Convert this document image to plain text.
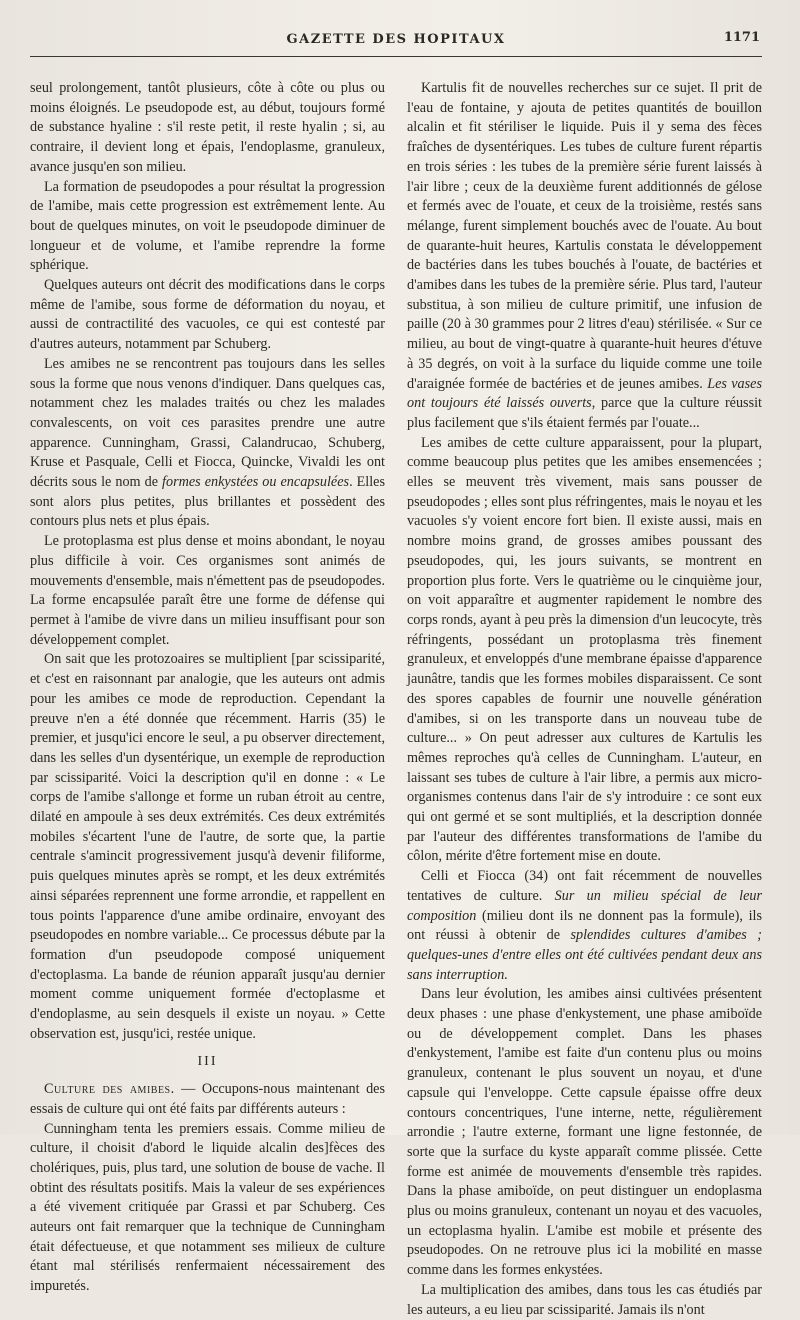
GAZETTE DES HOPITAUX	1171

seul prolongement, tantôt plusieurs, côte à côte ou plus ou moins éloignés. Le pseudopode est, au début, toujours formé de substance hyaline : s'il reste petit, il reste hyalin ; si, au contraire, il devient long et épais, l'endoplasme, granuleux, avance jusqu'en son milieu.

La formation de pseudopodes a pour résultat la progression de l'amibe, mais cette progression est extrêmement lente. Au bout de quelques minutes, on voit le pseudopode diminuer de longueur et de volume, et l'amibe reprendre la forme sphérique.

Quelques auteurs ont décrit des modifications dans le corps même de l'amibe, sous forme de déformation du noyau, et aussi de contractilité des vacuoles, ce qui est contesté par d'autres auteurs, notamment par Schuberg.

Les amibes ne se rencontrent pas toujours dans les selles sous la forme que nous venons d'indiquer. Dans quelques cas, notamment chez les malades traités ou chez les malades convalescents, on voit ces parasites prendre une autre apparence. Cunningham, Grassi, Calandrucao, Schuberg, Kruse et Pasquale, Celli et Fiocca, Quincke, Vivaldi les ont décrits sous le nom de formes enkystées ou encapsulées. Elles sont alors plus petites, plus brillantes et possèdent des contours plus nets et plus épais.

Le protoplasma est plus dense et moins abondant, le noyau plus difficile à voir. Ces organismes sont animés de mouvements d'ensemble, mais n'émettent pas de pseudopodes. La forme encapsulée paraît être une forme de défense qui permet à l'amibe de vivre dans un milieu insuffisant pour son développement complet.

On sait que les protozoaires se multiplient [par scissiparité, et c'est en raisonnant par analogie, que les auteurs ont admis pour les amibes ce mode de reproduction. Cependant la preuve n'en a été donnée que récemment. Harris (35) le premier, et jusqu'ici encore le seul, a pu observer directement, dans les selles d'un dysentérique, un exemple de reproduction par scissiparité. Voici la description qu'il en donne : « Le corps de l'amibe s'allonge et forme un ruban étroit au centre, dilaté en ampoule à ses deux extrémités. Ces deux extrémités mobiles s'écartent l'une de l'autre, de sorte que, la partie centrale s'amincit progressivement jusqu'à devenir filiforme, puis quelques minutes après se rompt, et les deux extrémités ainsi séparées reprennent une forme arrondie, et rappellent en tous points l'apparence d'une amibe ordinaire, envoyant des pseudopodes en nombre variable... Ce processus débute par la formation d'un pseudopode composé uniquement d'ectoplasma. La bande de réunion apparaît jusqu'au dernier moment comme uniquement formée d'ectoplasme et d'endoplasme, au sein desquels il existe un noyau. » Cette observation est, jusqu'ici, restée unique.

III

Culture des amibes. — Occupons-nous maintenant des essais de culture qui ont été faits par différents auteurs :

Cunningham tenta les premiers essais. Comme milieu de culture, il choisit d'abord le liquide alcalin des]fèces des cholériques, puis, plus tard, une solution de bouse de vache. Il obtint des résultats positifs. Mais la valeur de ses expériences a été vivement critiquée par Grassi et par Schuberg. Ces auteurs ont fait remarquer que la technique de Cunningham était défectueuse, et que notamment ses milieux de culture étant mal stérilisés renfermaient nécessairement des impuretés.

Kartulis fit de nouvelles recherches sur ce sujet. Il prit de l'eau de fontaine, y ajouta de petites quantités de bouillon alcalin et fit stériliser le liquide. Puis il y sema des fèces fraîches de dysentériques. Les tubes de culture furent répartis en trois séries : les tubes de la première série furent laissés à l'air libre ; ceux de la deuxième furent additionnés de gélose et fermés avec de l'ouate, et ceux de la troisième, restés sans mélange, furent simplement bouchés avec de l'ouate. Au bout de quarante-huit heures, Kartulis constata le développement de bactéries dans les tubes bouchés à l'ouate, de bactéries et d'amibes dans les tubes de la première série. Plus tard, l'auteur substitua, à son milieu de culture primitif, une infusion de paille (20 à 30 grammes pour 2 litres d'eau) stérilisée. « Sur ce milieu, au bout de vingt-quatre à quarante-huit heures d'étuve à 35 degrés, on voit à la surface du liquide comme une toile d'araignée formée de bactéries et de jeunes amibes. Les vases ont toujours été laissés ouverts, parce que la culture réussit plus facilement que s'ils étaient fermés par l'ouate...

Les amibes de cette culture apparaissent, pour la plupart, comme beaucoup plus petites que les amibes ensemencées ; elles se meuvent très vivement, mais sans pousser de pseudopodes ; elles sont plus réfringentes, mais le noyau et les vacuoles s'y voient encore fort bien. Il existe aussi, mais en nombre moins grand, de grosses amibes poussant des pseudopodes, qui, les jours suivants, se montrent en proportion plus forte. Vers le quatrième ou le cinquième jour, on voit apparaître et augmenter rapidement le nombre des corps ronds, ayant à peu près la dimension d'un leucocyte, très réfringents, possédant un protoplasma très finement granuleux, et enveloppés d'une membrane épaisse d'apparence jaunâtre, tandis que les formes mobiles disparaissent. Ce sont des spores capables de fournir une nouvelle génération d'amibes, si on les transporte dans un nouveau tube de culture... » On peut adresser aux cultures de Kartulis les mêmes reproches qu'à celles de Cunningham. L'auteur, en laissant ses tubes de culture à l'air libre, a permis aux micro-organismes contenus dans l'air de s'y introduire : ce sont eux qui ont germé et se sont multipliés, et la description donnée par l'auteur des différentes transformations de l'amibe du côlon, mérite d'être fortement mise en doute.

Celli et Fiocca (34) ont fait récemment de nouvelles tentatives de culture. Sur un milieu spécial de leur composition (milieu dont ils ne donnent pas la formule), ils ont réussi à obtenir de splendides cultures d'amibes ; quelques-unes d'entre elles ont été cultivées pendant deux ans sans interruption.

Dans leur évolution, les amibes ainsi cultivées présentent deux phases : une phase d'enkystement, une phase amiboïde ou de développement complet. Dans les phases d'enkystement, l'amibe est faite d'un contenu plus ou moins granuleux, contenant le plus souvent un noyau, et d'une capsule qui l'enveloppe. Cette capsule épaisse offre deux contours concentriques, l'une interne, nette, régulièrement arrondie ; l'autre externe, formant une ligne festonnée, de sorte que la surface du kyste apparaît comme plissée. Cette forme est animée de mouvements d'ensemble très rapides. Dans la phase amiboïde, on peut distinguer un endoplasma plus ou moins granuleux, contenant un noyau et des vacuoles, un ectoplasma hyalin. L'amibe est mobile et présente des pseudopodes. On ne retrouve plus ici la mobilité en masse comme dans les formes enkystées.

La multiplication des amibes, dans tous les cas étudiés par les auteurs, a eu lieu par scissiparité. Jamais ils n'ont
